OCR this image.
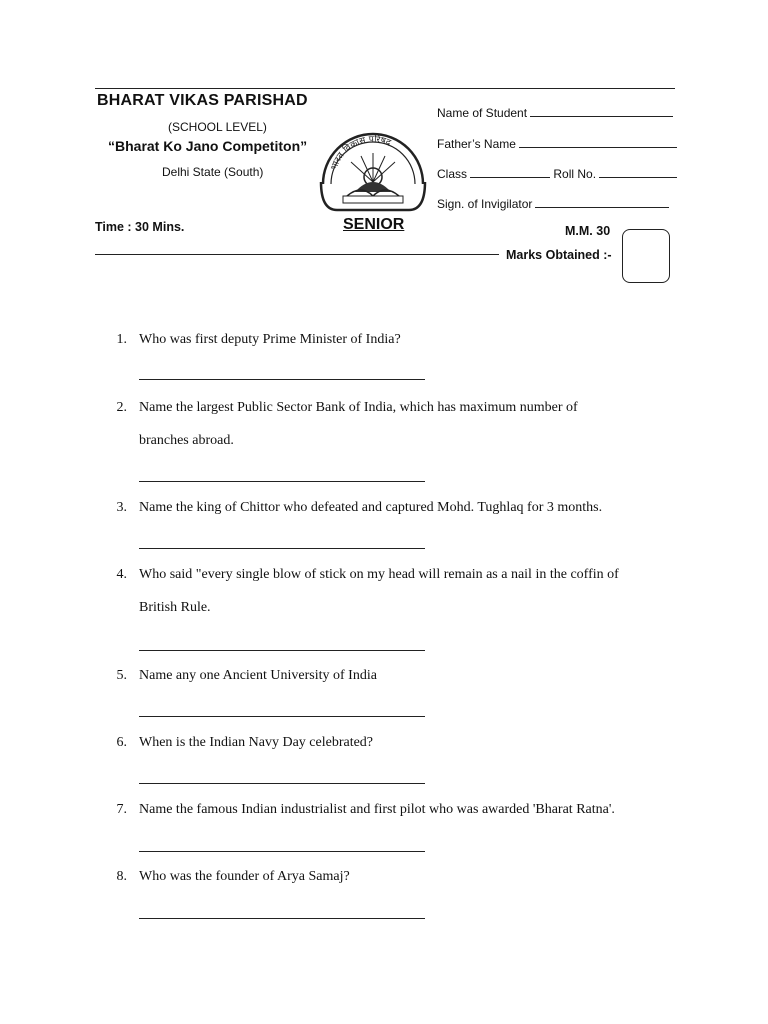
BHARAT VIKAS PARISHAD
(SCHOOL LEVEL)
“Bharat Ko Jano Competiton”
Delhi State (South)	भारत विकास परिषद
Time : 30 Mins.	SENIOR	M.M. 30
Marks Obtained :-
Name of Student
Father’s Name
Class	Roll No.
Sign. of Invigilator
1. Who was first deputy Prime Minister of India?
2. Name the largest Public Sector Bank of India, which has maximum number of
branches abroad.
3. Name the king of Chittor who defeated and captured Mohd. Tughlaq for 3 months.
4. Who said "every single blow of stick on my head will remain as a nail in the coffin of
British Rule.
5. Name any one Ancient University of India
6. When is the Indian Navy Day celebrated?
7. Name the famous Indian industrialist and first pilot who was awarded 'Bharat Ratna'.
8. Who was the founder of Arya Samaj?
